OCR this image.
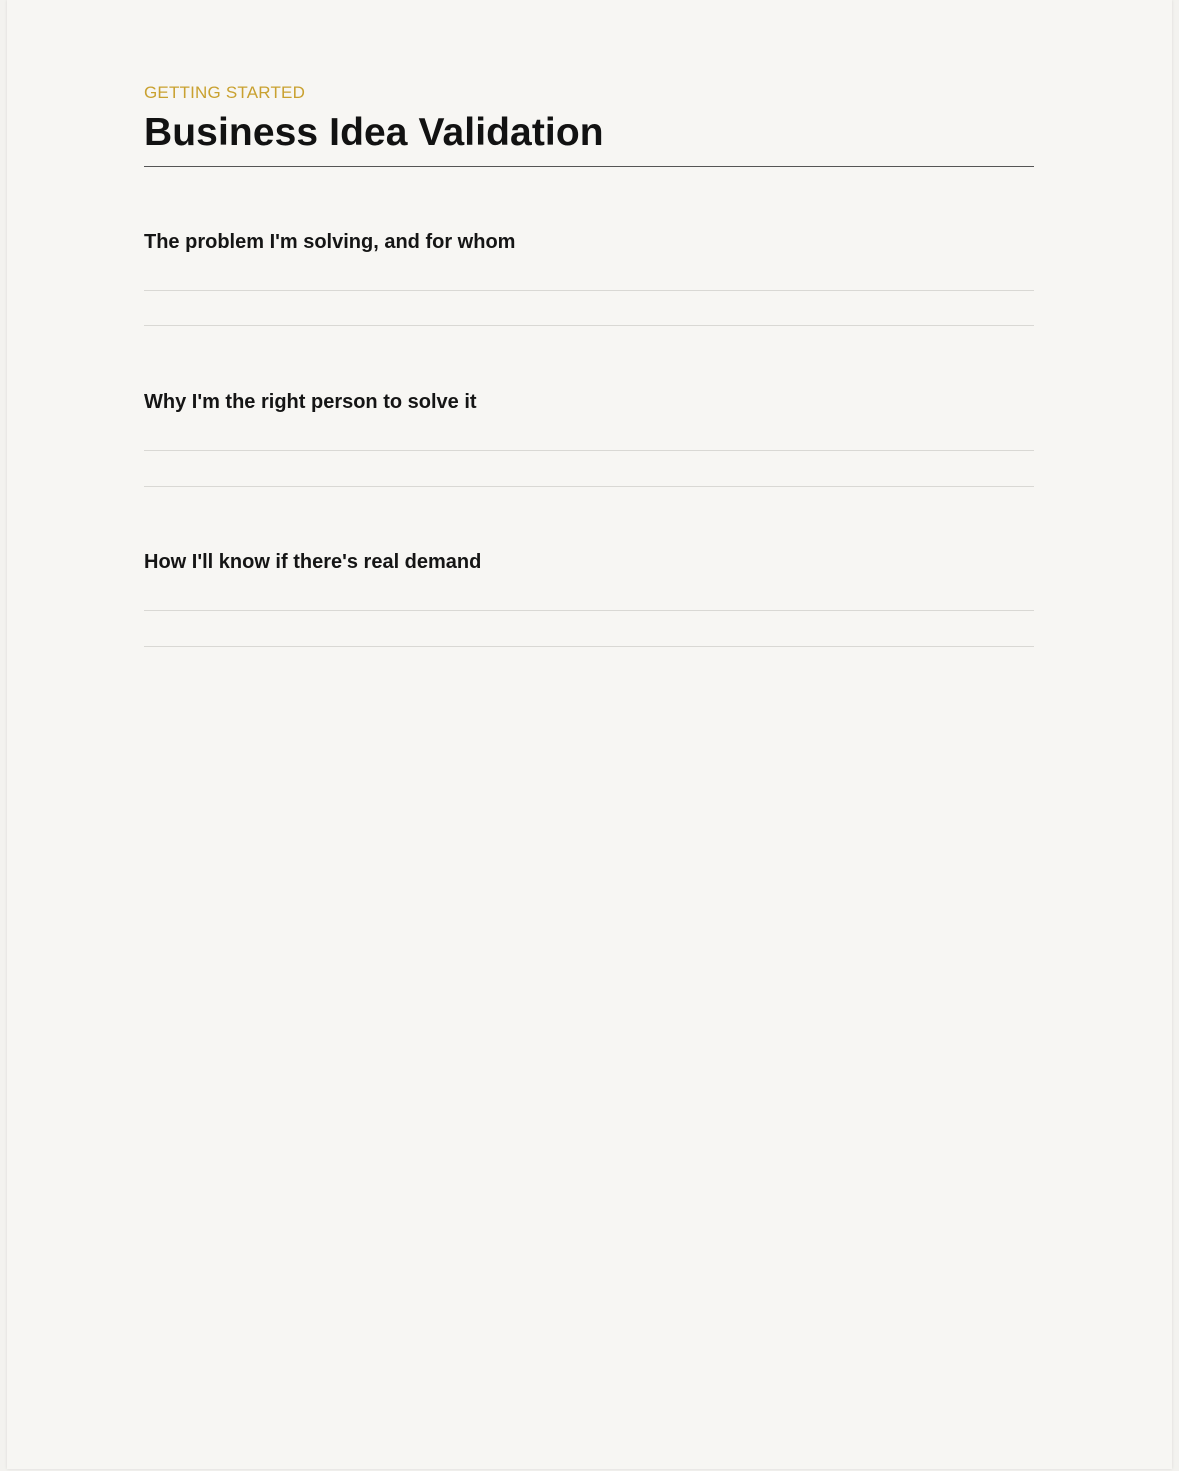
GETTING STARTED
Business Idea Validation
The problem I'm solving, and for whom
Why I'm the right person to solve it
How I'll know if there's real demand
